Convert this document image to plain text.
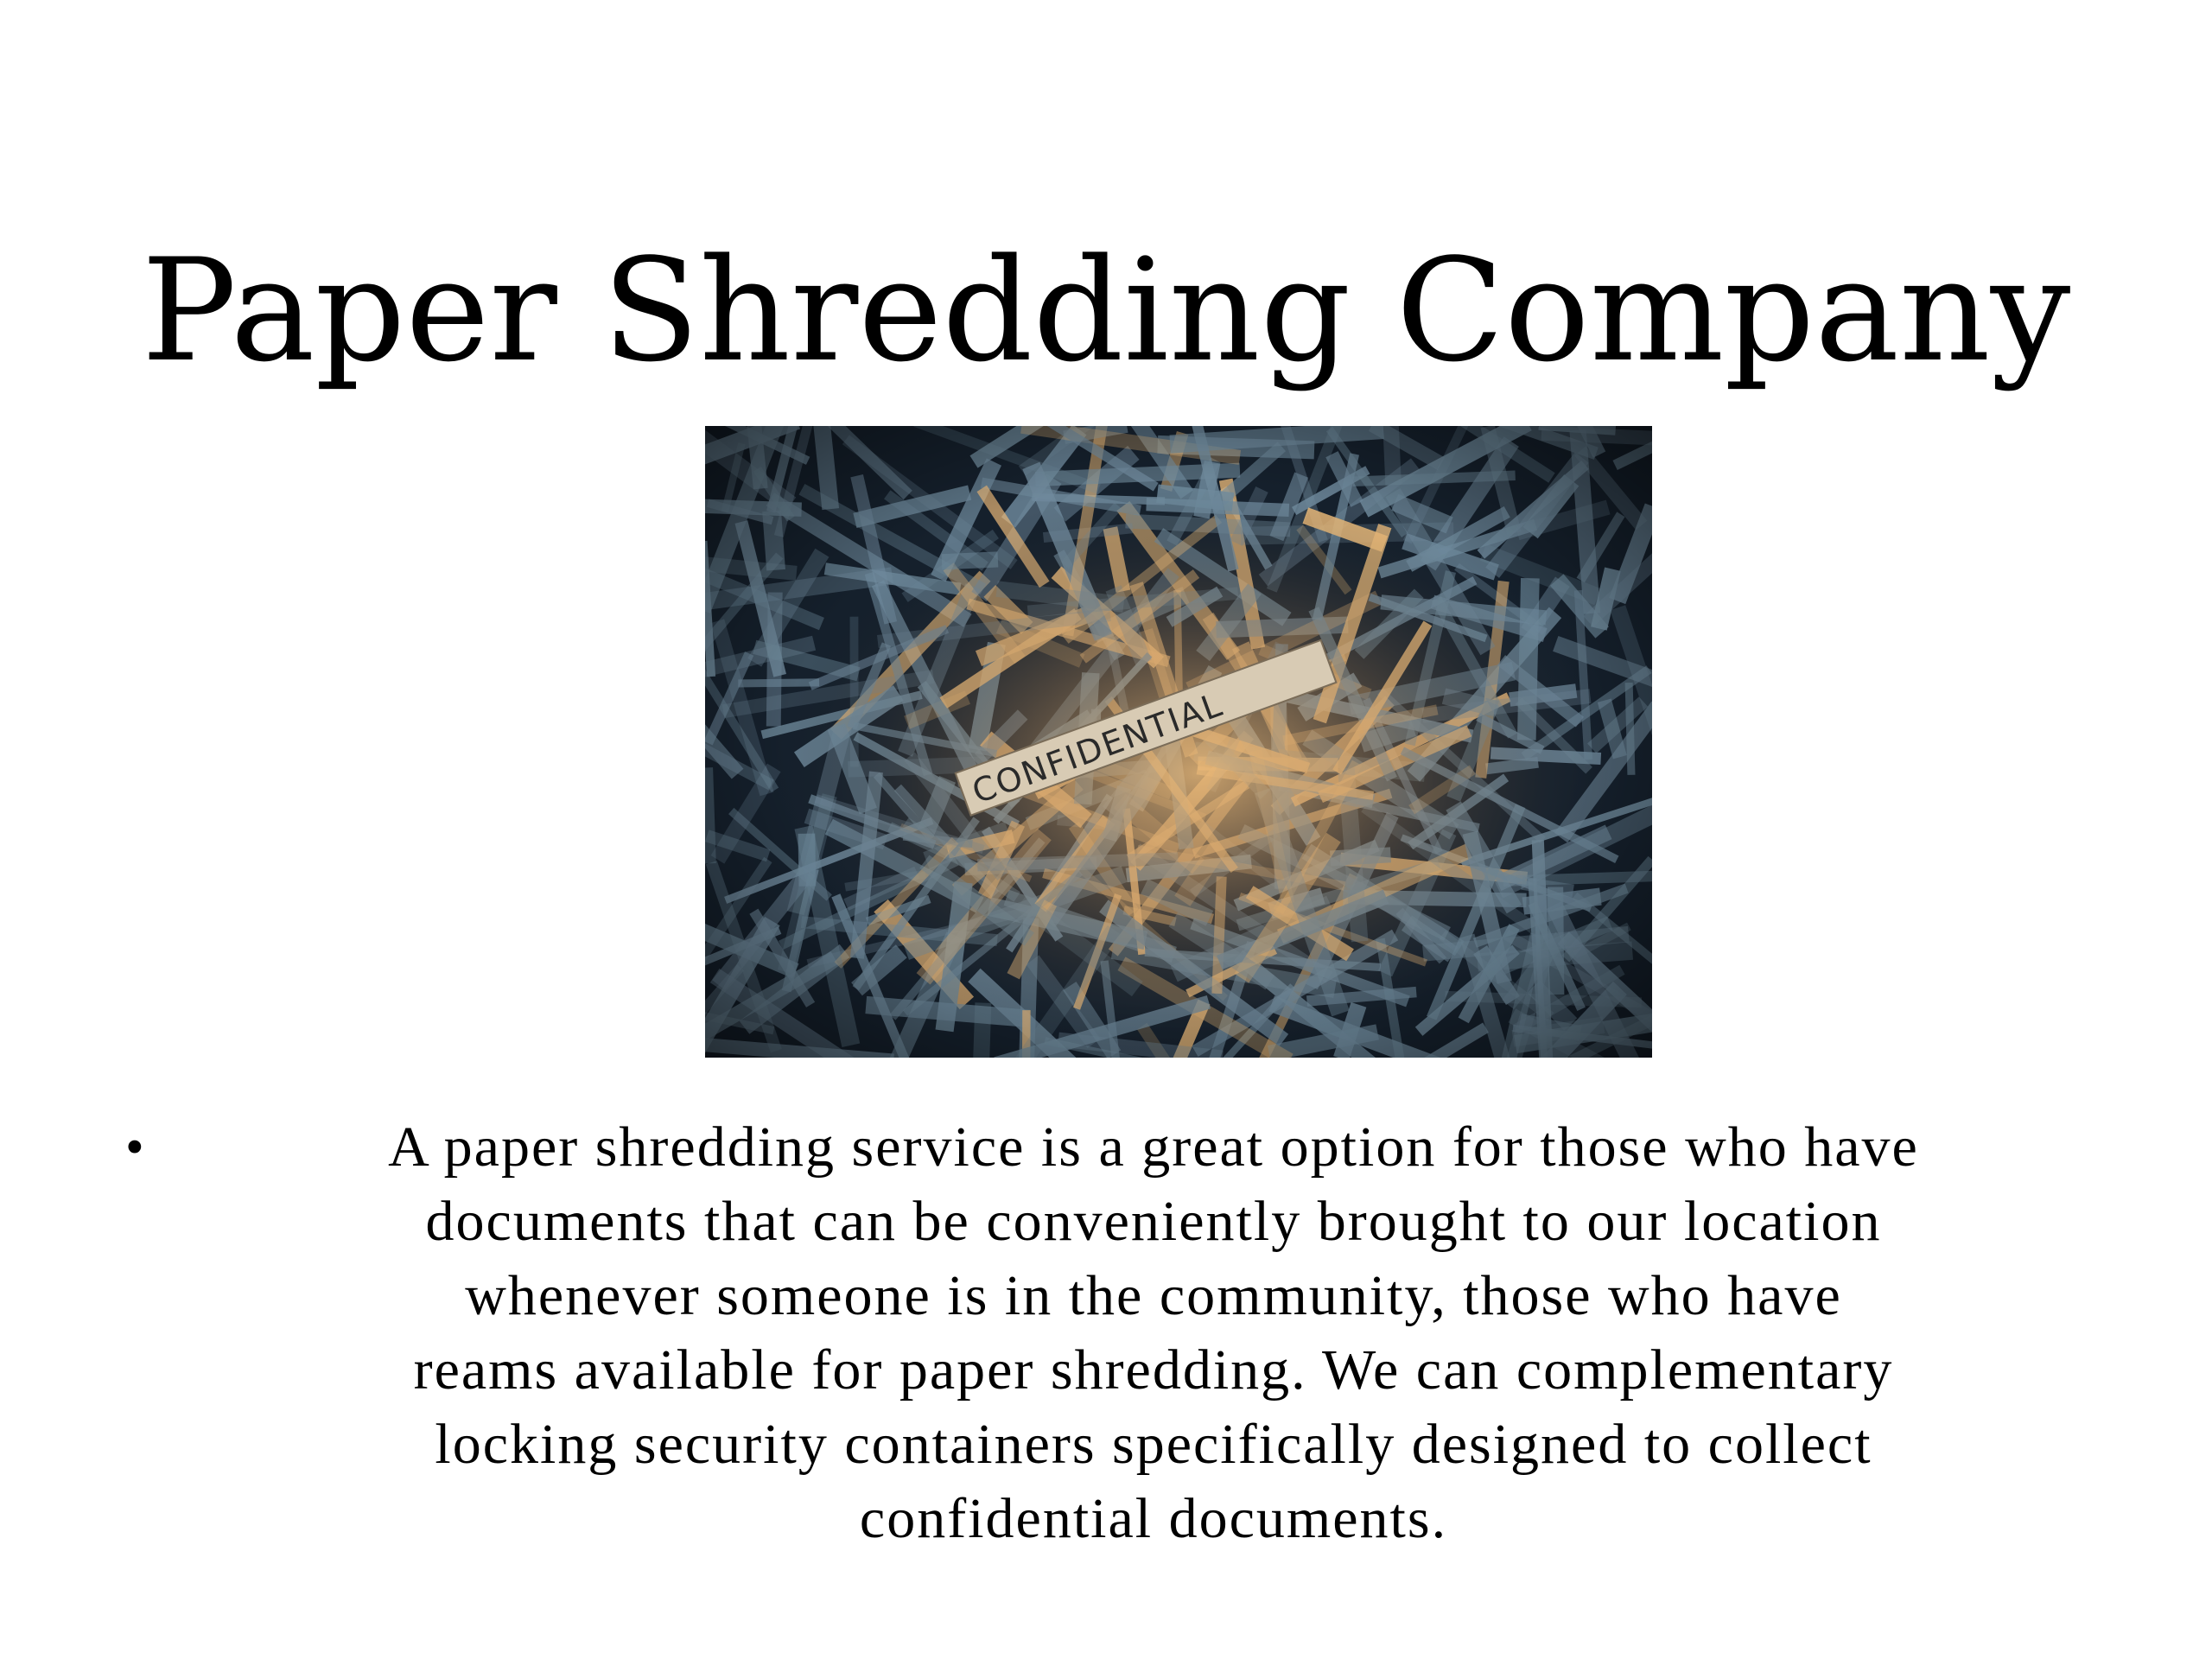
Paper Shredding Company
•	A paper shredding service is a great option for those who have
documents that can be conveniently brought to our location
whenever someone is in the community, those who have
reams available for paper shredding. We can complementary
locking security containers specifically designed to collect
confidential documents.
